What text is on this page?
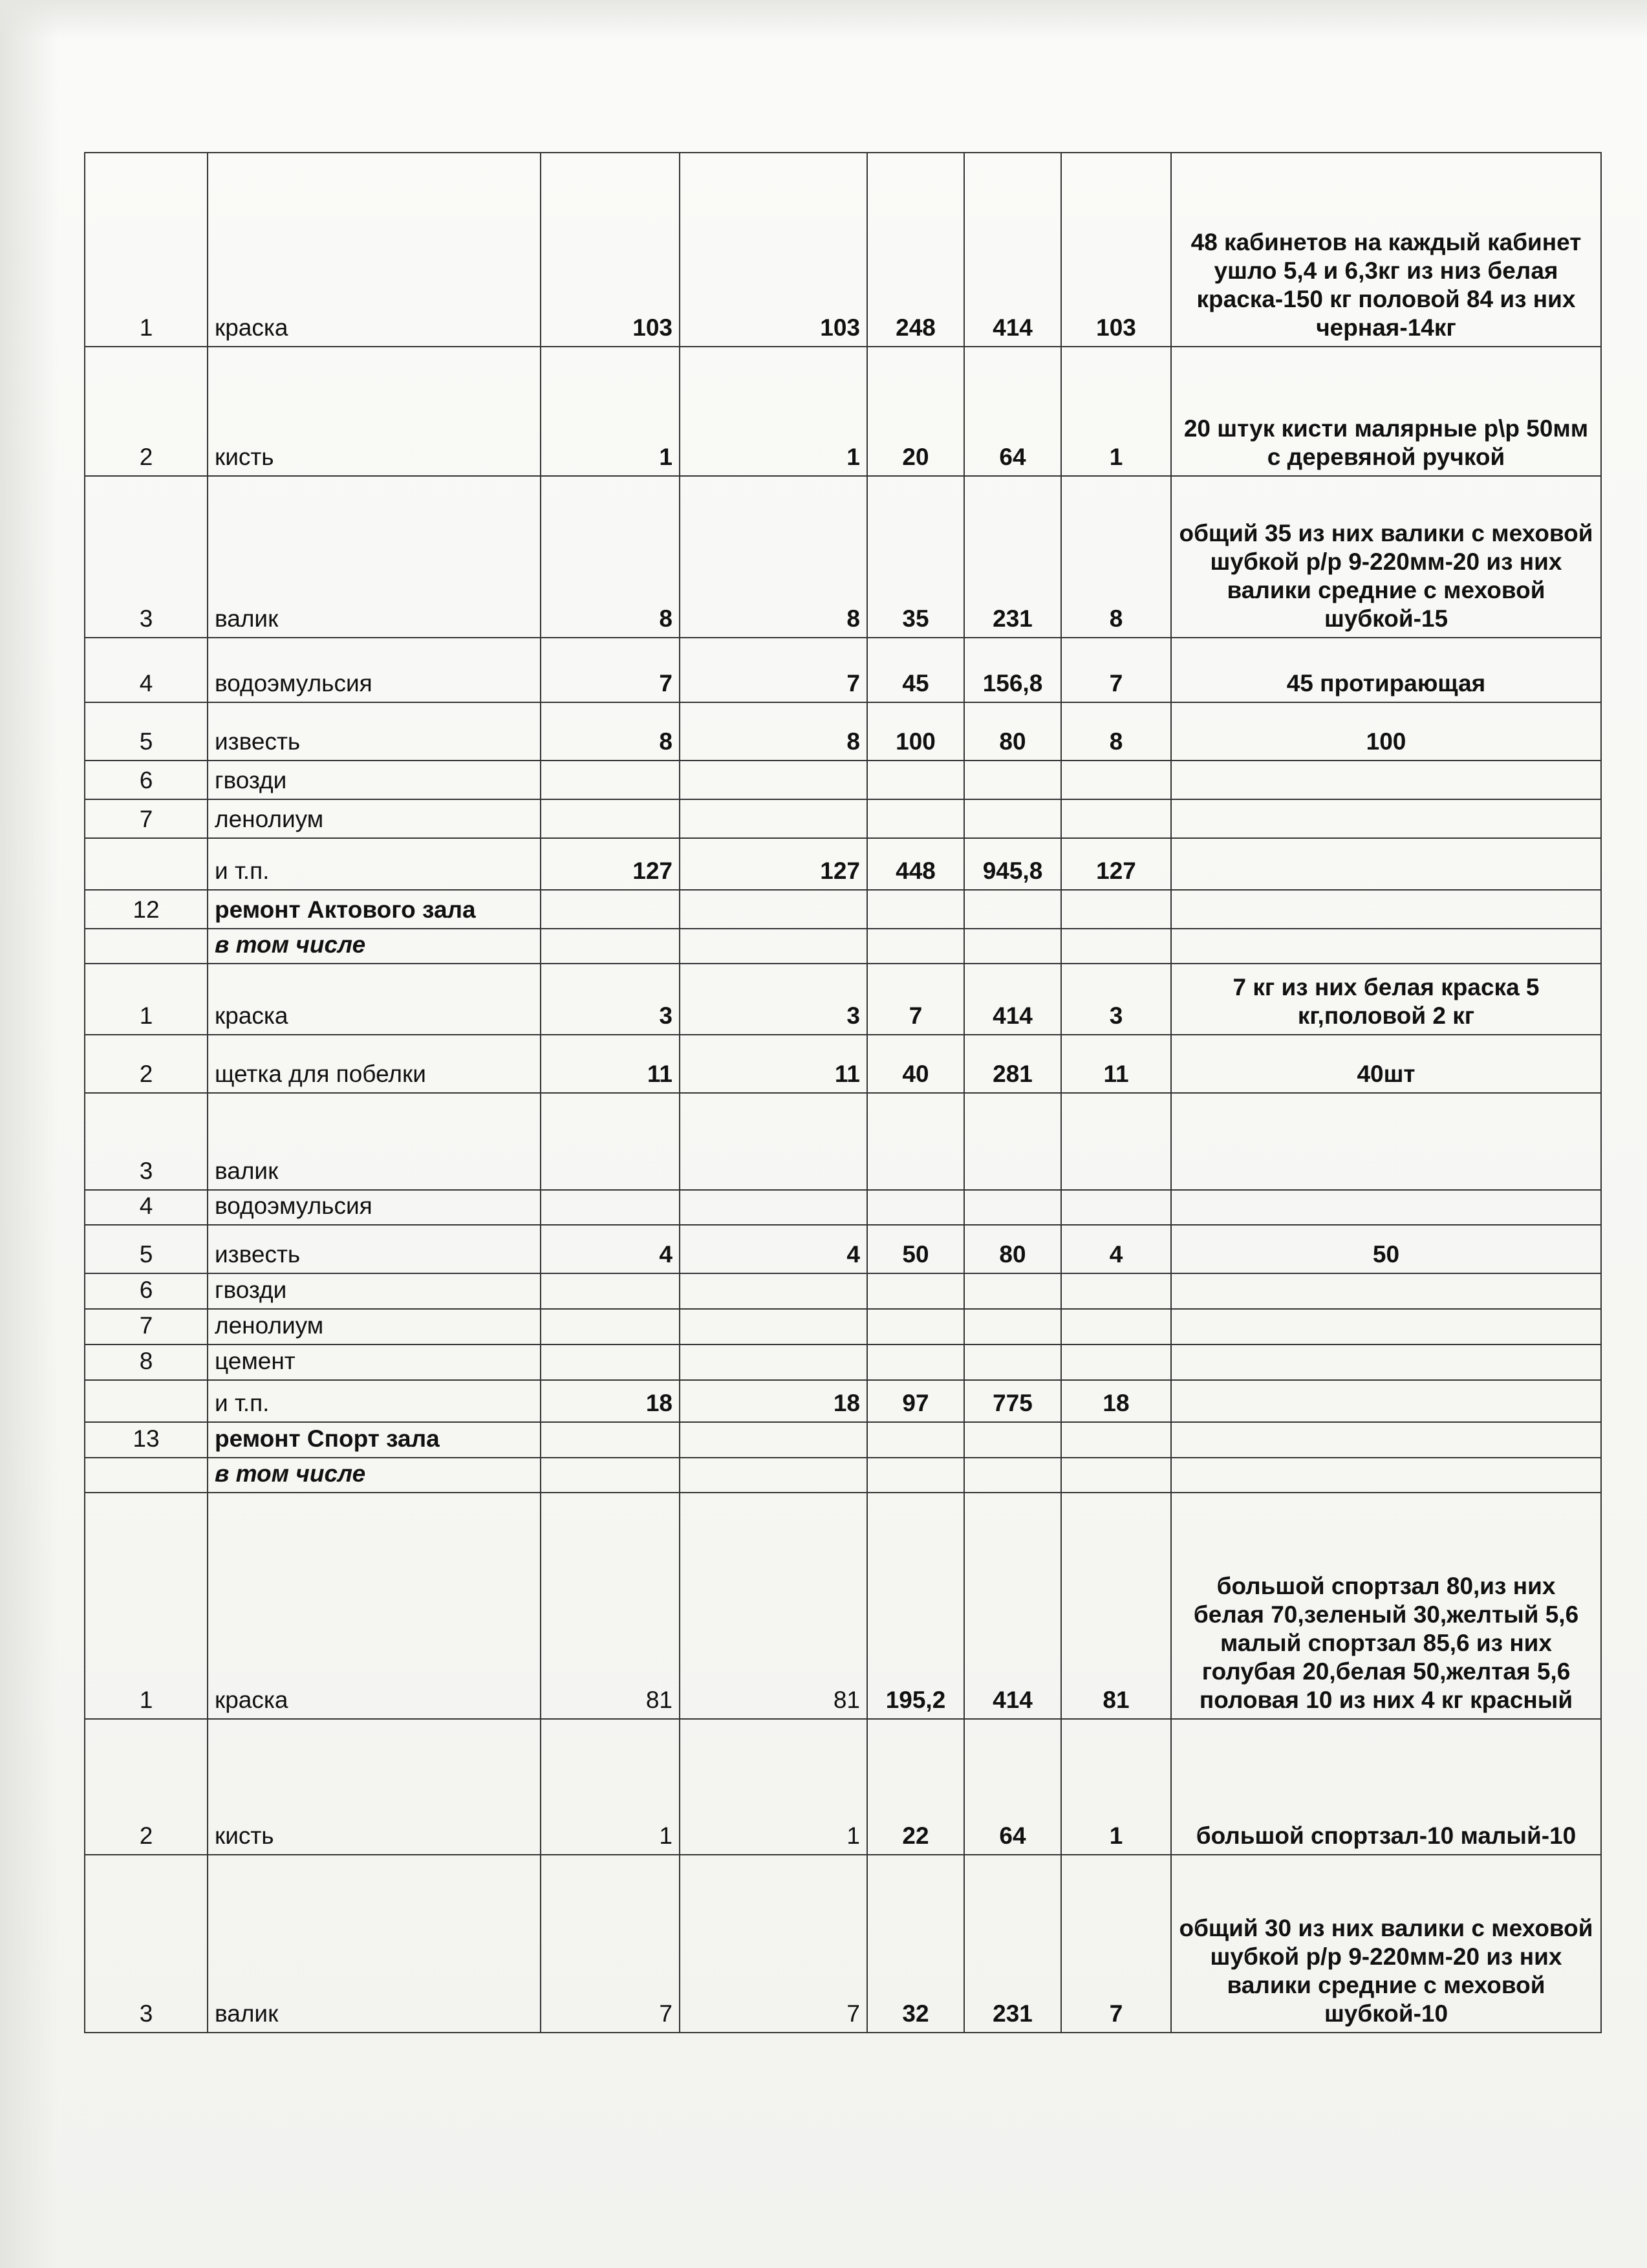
1	краска	103	103	248	414	103	48 кабинетов на каждый кабинет ушло 5,4 и 6,3кг из низ белая краска-150 кг половой 84 из них черная-14кг
2	кисть	1	1	20	64	1	20 штук кисти малярные р\р 50мм с деревяной ручкой
3	валик	8	8	35	231	8	общий 35 из них валики с меховой шубкой р/р 9-220мм-20 из них валики средние с меховой шубкой-15
4	водоэмульсия	7	7	45	156,8	7	45 протирающая
5	известь	8	8	100	80	8	100
6	гвозди						
7	ленолиум						
	и т.п.	127	127	448	945,8	127	
12	ремонт Актового зала						
	в том числе						
1	краска	3	3	7	414	3	7 кг из них белая краска 5 кг,половой 2 кг
2	щетка для побелки	11	11	40	281	11	40шт
3	валик						
4	водоэмульсия						
5	известь	4	4	50	80	4	50
6	гвозди						
7	ленолиум						
8	цемент						
	и т.п.	18	18	97	775	18	
13	ремонт Спорт зала						
	в том числе						
1	краска	81	81	195,2	414	81	большой спортзал 80,из них белая 70,зеленый 30,желтый 5,6 малый спортзал 85,6 из них голубая 20,белая 50,желтая 5,6 половая 10 из них 4 кг красный
2	кисть	1	1	22	64	1	большой спортзал-10 малый-10
3	валик	7	7	32	231	7	общий 30 из них валики с меховой шубкой р/р 9-220мм-20 из них валики средние с меховой шубкой-10
